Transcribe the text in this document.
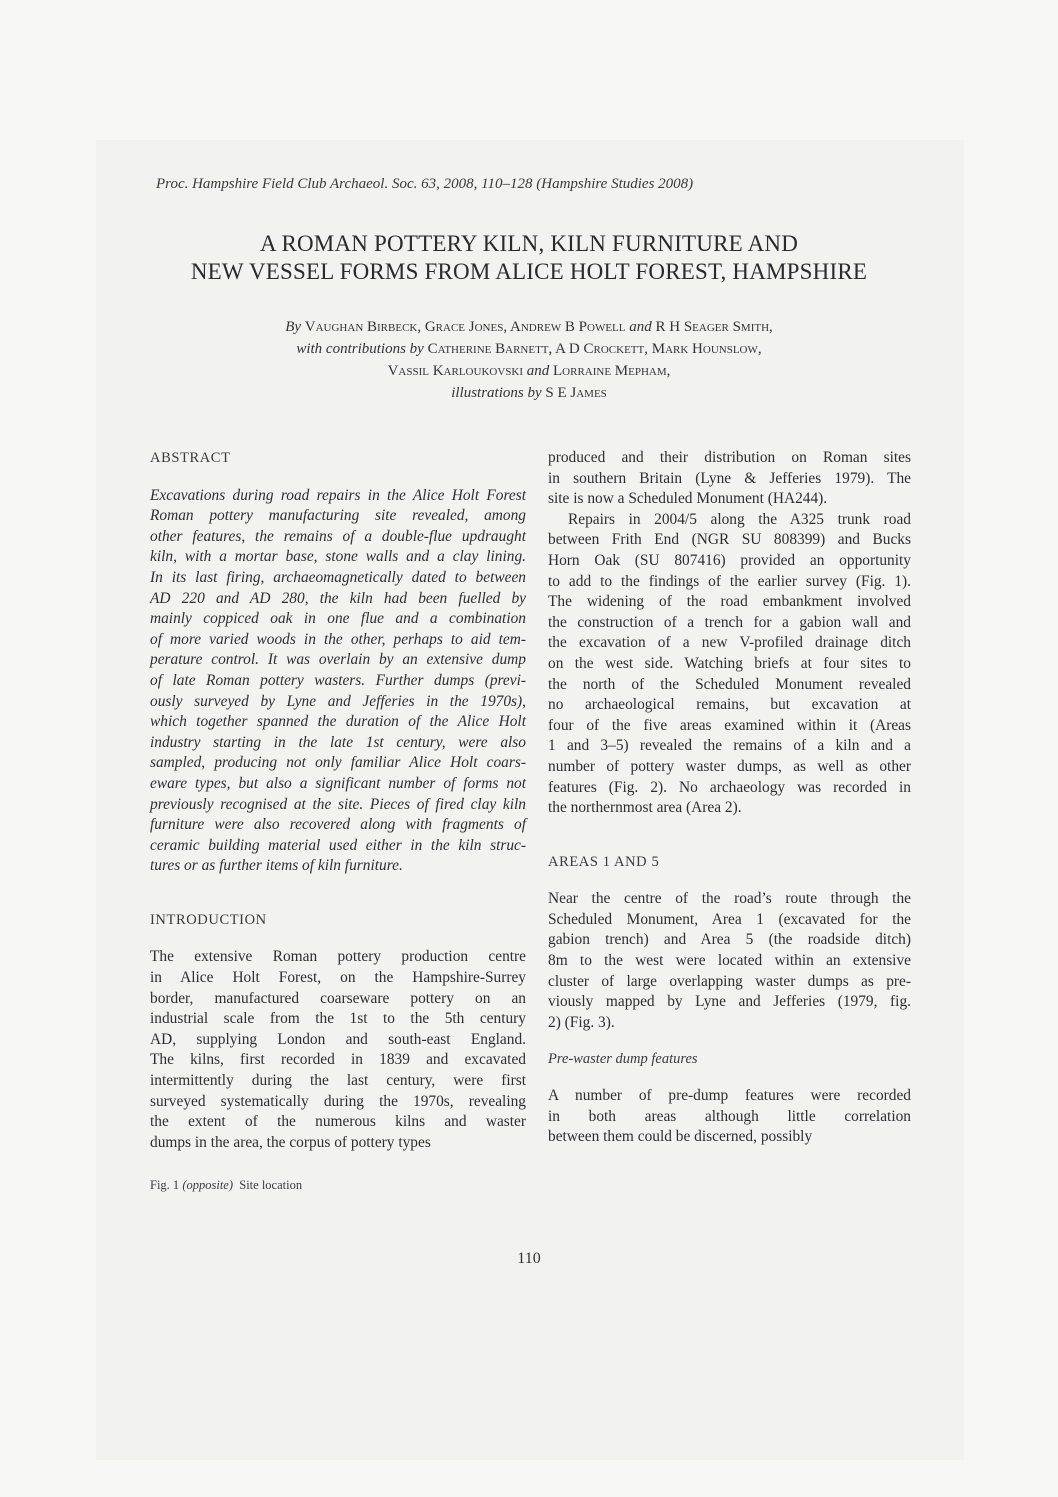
Proc. Hampshire Field Club Archaeol. Soc. 63, 2008, 110–128 (Hampshire Studies 2008)
A ROMAN POTTERY KILN, KILN FURNITURE AND
NEW VESSEL FORMS FROM ALICE HOLT FOREST, HAMPSHIRE
By Vaughan Birbeck, Grace Jones, Andrew B Powell and R H Seager Smith,
with contributions by Catherine Barnett, A D Crockett, Mark Hounslow,
Vassil Karloukovski and Lorraine Mepham,
illustrations by S E James
ABSTRACT
Excavations during road repairs in the Alice Holt Forest
Roman pottery manufacturing site revealed, among
other features, the remains of a double-flue updraught
kiln, with a mortar base, stone walls and a clay lining.
In its last firing, archaeomagnetically dated to between
AD 220 and AD 280, the kiln had been fuelled by
mainly coppiced oak in one flue and a combination
of more varied woods in the other, perhaps to aid tem-
perature control. It was overlain by an extensive dump
of late Roman pottery wasters. Further dumps (previ-
ously surveyed by Lyne and Jefferies in the 1970s),
which together spanned the duration of the Alice Holt
industry starting in the late 1st century, were also
sampled, producing not only familiar Alice Holt coars-
eware types, but also a significant number of forms not
previously recognised at the site. Pieces of fired clay kiln
furniture were also recovered along with fragments of
ceramic building material used either in the kiln struc-
tures or as further items of kiln furniture.
INTRODUCTION
The extensive Roman pottery production centre
in Alice Holt Forest, on the Hampshire-Surrey
border, manufactured coarseware pottery on an
industrial scale from the 1st to the 5th century
AD, supplying London and south-east England.
The kilns, first recorded in 1839 and excavated
intermittently during the last century, were first
surveyed systematically during the 1970s, revealing
the extent of the numerous kilns and waster
dumps in the area, the corpus of pottery types
produced and their distribution on Roman sites
in southern Britain (Lyne & Jefferies 1979). The
site is now a Scheduled Monument (HA244).
Repairs in 2004/5 along the A325 trunk road
between Frith End (NGR SU 808399) and Bucks
Horn Oak (SU 807416) provided an opportunity
to add to the findings of the earlier survey (Fig. 1).
The widening of the road embankment involved
the construction of a trench for a gabion wall and
the excavation of a new V-profiled drainage ditch
on the west side. Watching briefs at four sites to
the north of the Scheduled Monument revealed
no archaeological remains, but excavation at
four of the five areas examined within it (Areas
1 and 3–5) revealed the remains of a kiln and a
number of pottery waster dumps, as well as other
features (Fig. 2). No archaeology was recorded in
the northernmost area (Area 2).
AREAS 1 AND 5
Near the centre of the road’s route through the
Scheduled Monument, Area 1 (excavated for the
gabion trench) and Area 5 (the roadside ditch)
8m to the west were located within an extensive
cluster of large overlapping waster dumps as pre-
viously mapped by Lyne and Jefferies (1979, fig.
2) (Fig. 3).
Pre-waster dump features
A number of pre-dump features were recorded
in both areas although little correlation
between them could be discerned, possibly
Fig. 1 (opposite) Site location
110
